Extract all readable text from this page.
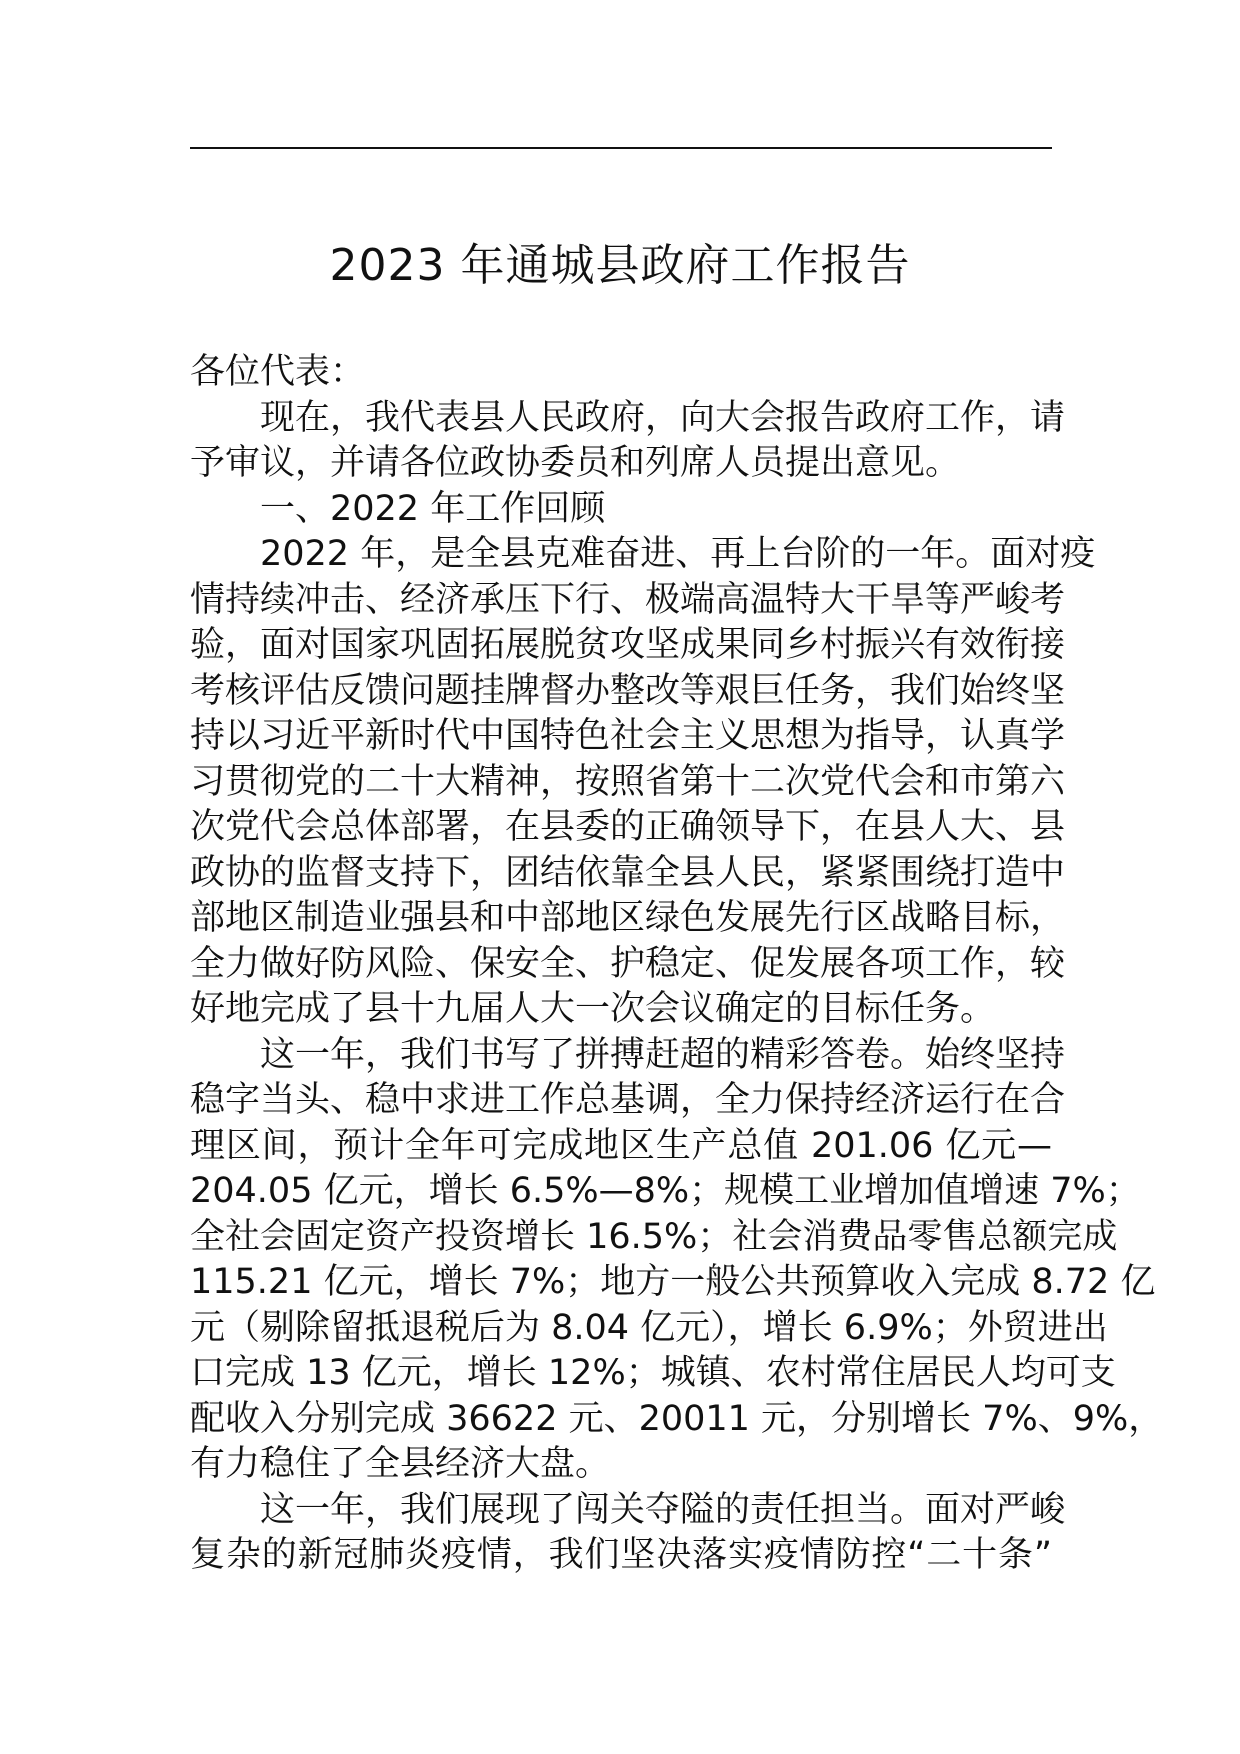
2023 年通城县政府工作报告
各位代表：
现在，我代表县人民政府，向大会报告政府工作，请
予审议，并请各位政协委员和列席人员提出意见。
一、2022 年工作回顾
2022 年，是全县克难奋进、再上台阶的一年。面对疫
情持续冲击、经济承压下行、极端高温特大干旱等严峻考
验，面对国家巩固拓展脱贫攻坚成果同乡村振兴有效衔接
考核评估反馈问题挂牌督办整改等艰巨任务，我们始终坚
持以习近平新时代中国特色社会主义思想为指导，认真学
习贯彻党的二十大精神，按照省第十二次党代会和市第六
次党代会总体部署，在县委的正确领导下，在县人大、县
政协的监督支持下，团结依靠全县人民，紧紧围绕打造中
部地区制造业强县和中部地区绿色发展先行区战略目标，
全力做好防风险、保安全、护稳定、促发展各项工作，较
好地完成了县十九届人大一次会议确定的目标任务。
这一年，我们书写了拼搏赶超的精彩答卷。始终坚持
稳字当头、稳中求进工作总基调，全力保持经济运行在合
理区间，预计全年可完成地区生产总值 201.06 亿元—
204.05 亿元，增长 6.5%—8%；规模工业增加值增速 7%；
全社会固定资产投资增长 16.5%；社会消费品零售总额完成
115.21 亿元，增长 7%；地方一般公共预算收入完成 8.72 亿
元（剔除留抵退税后为 8.04 亿元），增长 6.9%；外贸进出
口完成 13 亿元，增长 12%；城镇、农村常住居民人均可支
配收入分别完成 36622 元、20011 元，分别增长 7%、9%，
有力稳住了全县经济大盘。
这一年，我们展现了闯关夺隘的责任担当。面对严峻
复杂的新冠肺炎疫情，我们坚决落实疫情防控“二十条”
